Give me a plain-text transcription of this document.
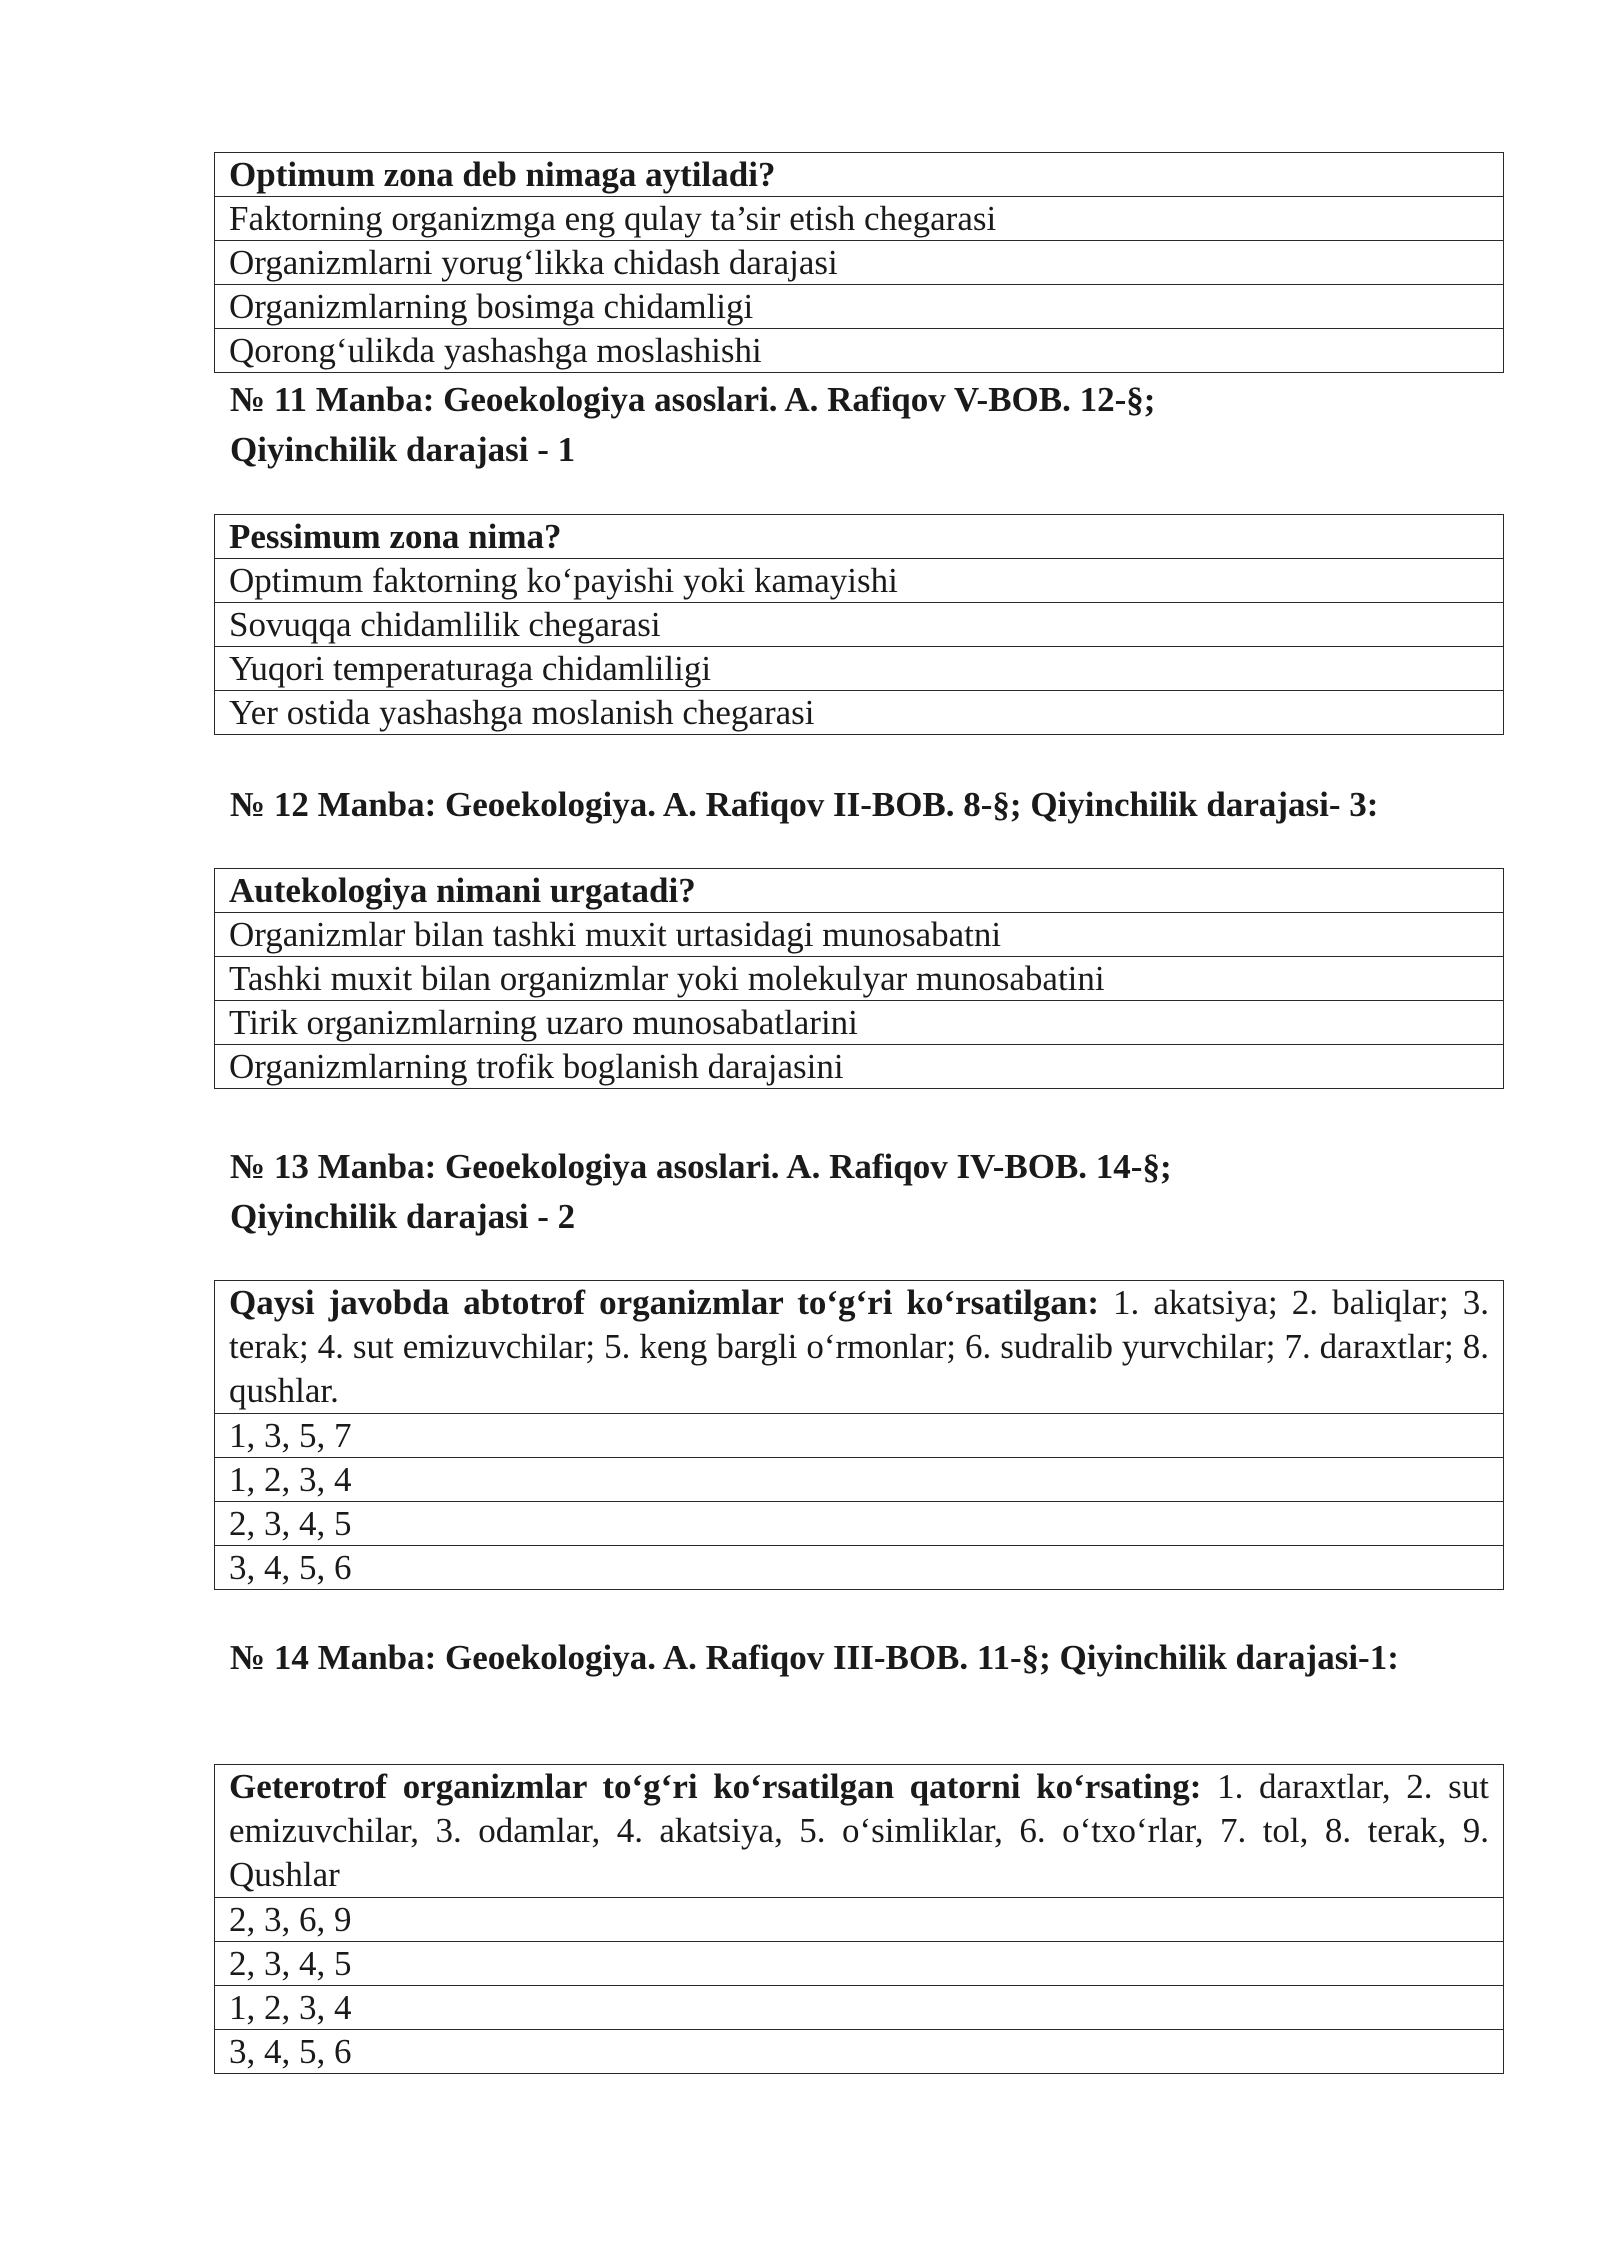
Optimum zona deb nimaga aytiladi?
Faktorning organizmga eng qulay ta’sir etish chegarasi
Organizmlarni yorug‘likka chidash darajasi
Organizmlarning bosimga chidamligi
Qorong‘ulikda yashashga moslashishi

№ 11 Manba: Geoekologiya asoslari. A. Rafiqov V-BOB. 12-§;

Qiyinchilik darajasi - 1

Pessimum zona nima?
Optimum faktorning ko‘payishi yoki kamayishi
Sovuqqa chidamlilik chegarasi
Yuqori temperaturaga chidamliligi
Yer ostida yashashga moslanish chegarasi

№ 12 Manba: Geoekologiya. A. Rafiqov II-BOB. 8-§; Qiyinchilik darajasi- 3:

Autekologiya nimani urgatadi?
Organizmlar bilan tashki muxit urtasidagi munosabatni
Tashki muxit bilan organizmlar yoki molekulyar munosabatini
Tirik organizmlarning uzaro munosabatlarini
Organizmlarning trofik boglanish darajasini

№ 13 Manba: Geoekologiya asoslari. A. Rafiqov IV-BOB. 14-§;

Qiyinchilik darajasi - 2

Qaysi javobda abtotrof organizmlar to‘g‘ri ko‘rsatilgan: 1. akatsiya; 2. baliqlar; 3. terak; 4. sut emizuvchilar; 5. keng bargli o‘rmonlar; 6. sudralib yurvchilar; 7. daraxtlar; 8. qushlar.
1, 3, 5, 7
1, 2, 3, 4
2, 3, 4, 5
3, 4, 5, 6

№ 14 Manba: Geoekologiya. A. Rafiqov III-BOB. 11-§; Qiyinchilik darajasi-1:

Geterotrof organizmlar to‘g‘ri ko‘rsatilgan qatorni ko‘rsating: 1. daraxtlar, 2. sut emizuvchilar, 3. odamlar, 4. akatsiya, 5. o‘simliklar, 6. o‘txo‘rlar, 7. tol, 8. terak, 9. Qushlar
2, 3, 6, 9
2, 3, 4, 5
1, 2, 3, 4
3, 4, 5, 6
